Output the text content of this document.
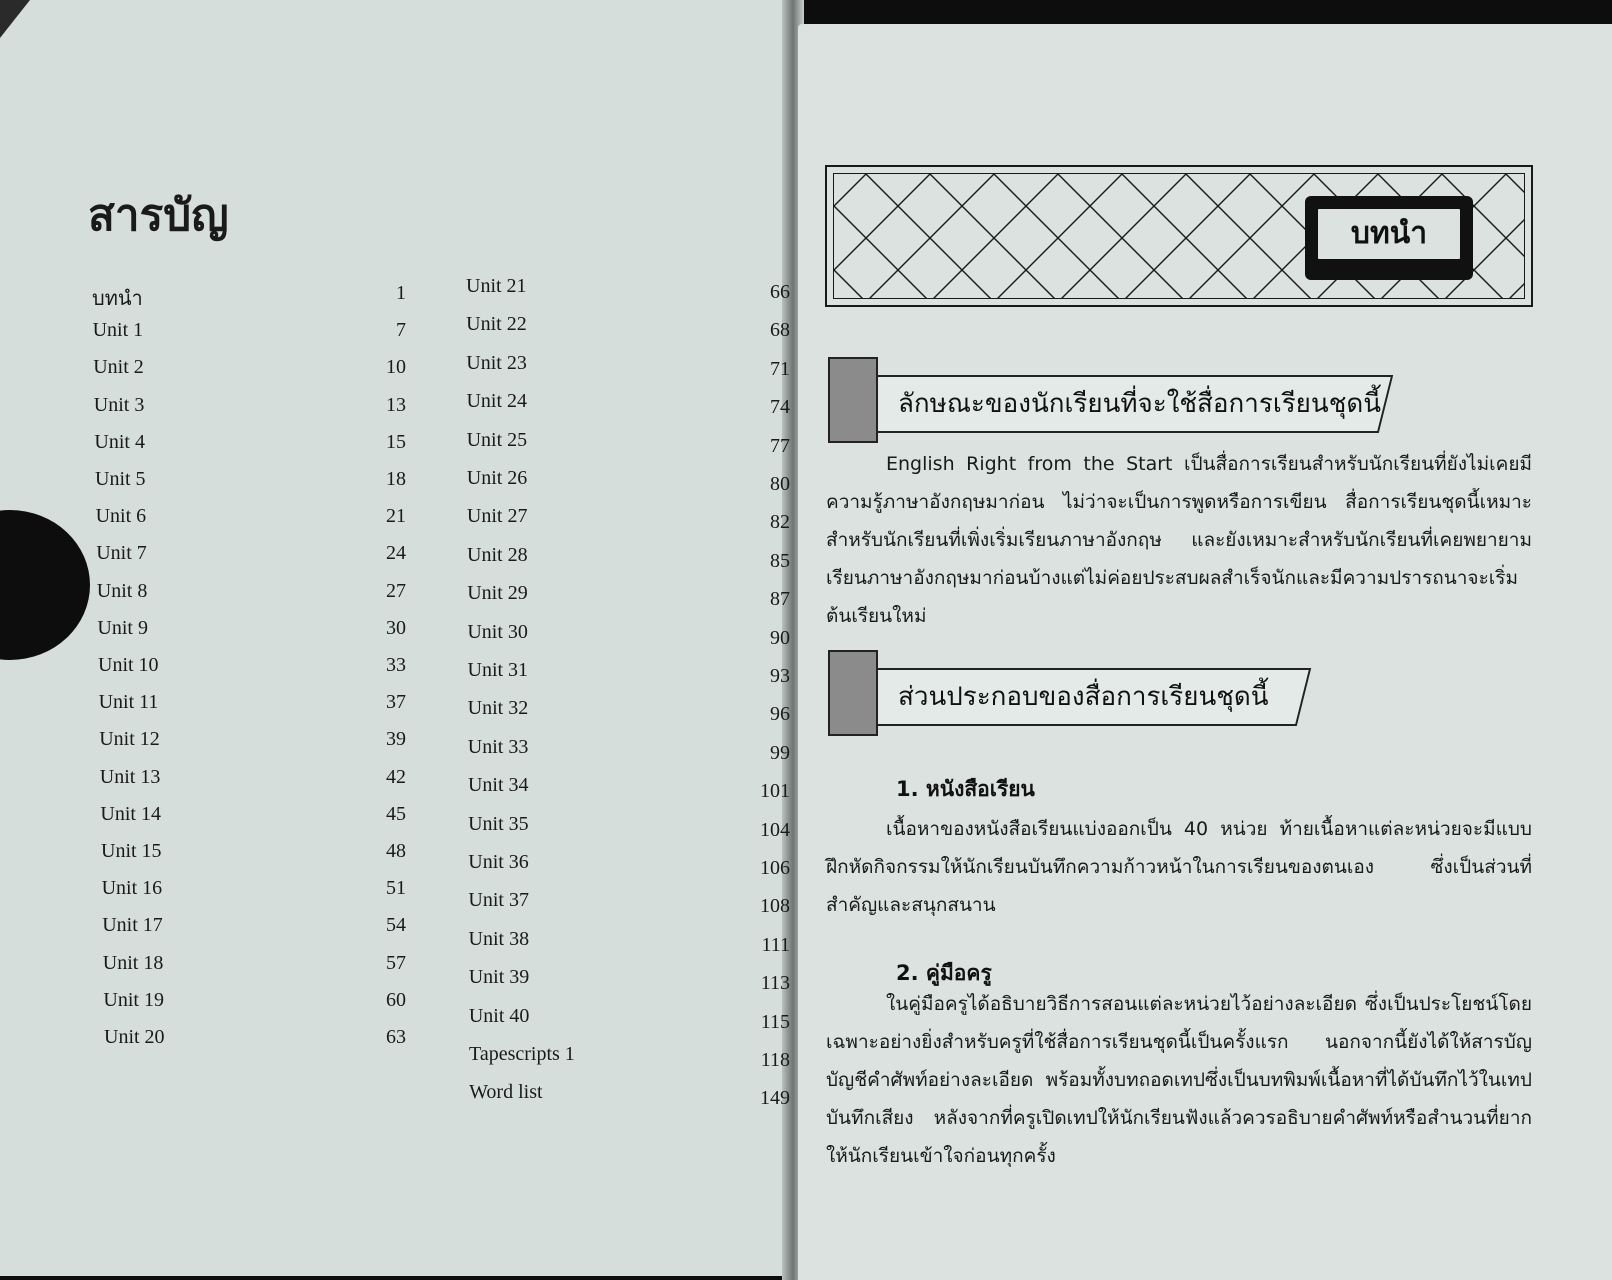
สารบัญ
บทนำ	1
Unit 1	7
Unit 2	10
Unit 3	13
Unit 4	15
Unit 5	18
Unit 6	21
Unit 7	24
Unit 8	27
Unit 9	30
Unit 10	33
Unit 11	37
Unit 12	39
Unit 13	42
Unit 14	45
Unit 15	48
Unit 16	51
Unit 17	54
Unit 18	57
Unit 19	60
Unit 20	63
Unit 21	66
Unit 22	68
Unit 23	71
Unit 24	74
Unit 25	77
Unit 26	80
Unit 27	82
Unit 28	85
Unit 29	87
Unit 30	90
Unit 31	93
Unit 32	96
Unit 33	99
Unit 34	101
Unit 35	104
Unit 36	106
Unit 37	108
Unit 38	111
Unit 39	113
Unit 40	115
Tapescripts 1	118
Word list	149
บทนำ
ลักษณะของนักเรียนที่จะใช้สื่อการเรียนชุดนี้
English Right from the Start เป็นสื่อการเรียนสำหรับนักเรียนที่ยังไม่เคยมีความรู้ภาษาอังกฤษมาก่อน ไม่ว่าจะเป็นการพูดหรือการเขียน สื่อการเรียนชุดนี้เหมาะสำหรับนักเรียนที่เพิ่งเริ่มเรียนภาษาอังกฤษ และยังเหมาะสำหรับนักเรียนที่เคยพยายามเรียนภาษาอังกฤษมาก่อนบ้างแต่ไม่ค่อยประสบผลสำเร็จนักและมีความปรารถนาจะเริ่มต้นเรียนใหม่
ส่วนประกอบของสื่อการเรียนชุดนี้
1. หนังสือเรียน
เนื้อหาของหนังสือเรียนแบ่งออกเป็น 40 หน่วย ท้ายเนื้อหาแต่ละหน่วยจะมีแบบฝึกหัดกิจกรรมให้นักเรียนบันทึกความก้าวหน้าในการเรียนของตนเอง ซึ่งเป็นส่วนที่สำคัญและสนุกสนาน
2. คู่มือครู
ในคู่มือครูได้อธิบายวิธีการสอนแต่ละหน่วยไว้อย่างละเอียด ซึ่งเป็นประโยชน์โดยเฉพาะอย่างยิ่งสำหรับครูที่ใช้สื่อการเรียนชุดนี้เป็นครั้งแรก นอกจากนี้ยังได้ให้สารบัญบัญชีคำศัพท์อย่างละเอียด พร้อมทั้งบทถอดเทปซึ่งเป็นบทพิมพ์เนื้อหาที่ได้บันทึกไว้ในเทปบันทึกเสียง หลังจากที่ครูเปิดเทปให้นักเรียนฟังแล้วควรอธิบายคำศัพท์หรือสำนวนที่ยากให้นักเรียนเข้าใจก่อนทุกครั้ง
